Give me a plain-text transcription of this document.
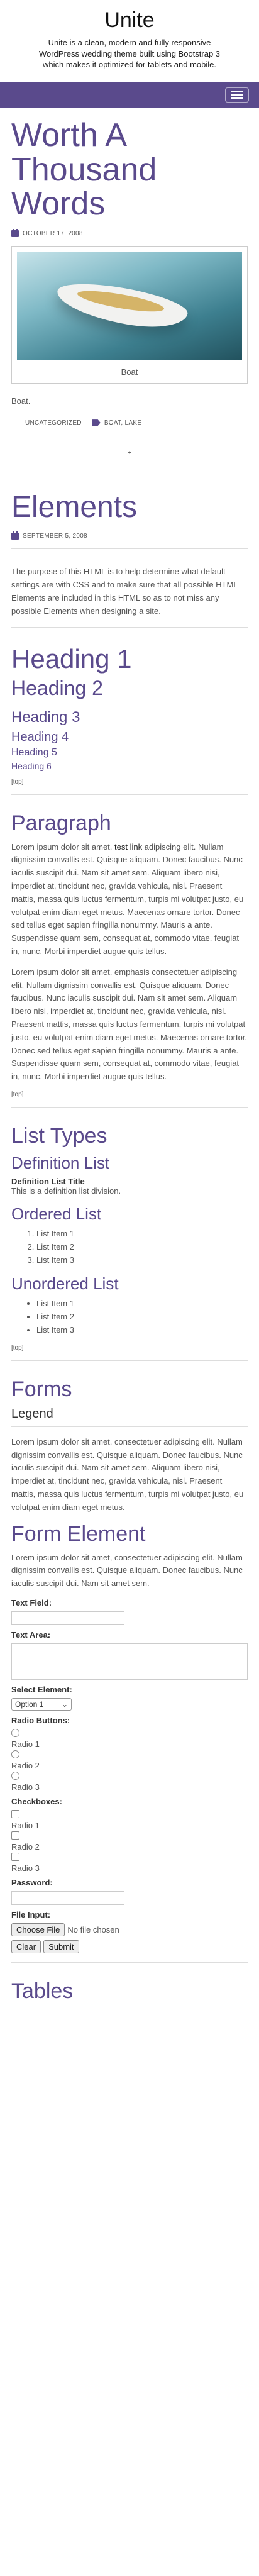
Unite

Unite is a clean, modern and fully responsive WordPress wedding theme built using Bootstrap 3 which makes it optimized for tablets and mobile.

Worth A Thousand Words
OCTOBER 17, 2008
Boat

Boat.

UNCATEGORIZED	BOAT, LAKE
◆
Elements
SEPTEMBER 5, 2008

The purpose of this HTML is to help determine what default settings are with CSS and to make sure that all possible HTML Elements are included in this HTML so as to not miss any possible Elements when designing a site.

Heading 1
Heading 2
Heading 3
Heading 4
Heading 5
Heading 6

[top]

Paragraph

Lorem ipsum dolor sit amet, test link adipiscing elit. Nullam dignissim convallis est. Quisque aliquam. Donec faucibus. Nunc iaculis suscipit dui. Nam sit amet sem. Aliquam libero nisi, imperdiet at, tincidunt nec, gravida vehicula, nisl. Praesent mattis, massa quis luctus fermentum, turpis mi volutpat justo, eu volutpat enim diam eget metus. Maecenas ornare tortor. Donec sed tellus eget sapien fringilla nonummy. Mauris a ante. Suspendisse quam sem, consequat at, commodo vitae, feugiat in, nunc. Morbi imperdiet augue quis tellus.

Lorem ipsum dolor sit amet, emphasis consectetuer adipiscing elit. Nullam dignissim convallis est. Quisque aliquam. Donec faucibus. Nunc iaculis suscipit dui. Nam sit amet sem. Aliquam libero nisi, imperdiet at, tincidunt nec, gravida vehicula, nisl. Praesent mattis, massa quis luctus fermentum, turpis mi volutpat justo, eu volutpat enim diam eget metus. Maecenas ornare tortor. Donec sed tellus eget sapien fringilla nonummy. Mauris a ante. Suspendisse quam sem, consequat at, commodo vitae, feugiat in, nunc. Morbi imperdiet augue quis tellus.

[top]

List Types
Definition List
Definition List Title
This is a definition list division.
Ordered List
1. List Item 1
2. List Item 2
3. List Item 3
Unordered List
• List Item 1
• List Item 2
• List Item 3

[top]

Forms
Legend

Lorem ipsum dolor sit amet, consectetuer adipiscing elit. Nullam dignissim convallis est. Quisque aliquam. Donec faucibus. Nunc iaculis suscipit dui. Nam sit amet sem. Aliquam libero nisi, imperdiet at, tincidunt nec, gravida vehicula, nisl. Praesent mattis, massa quis luctus fermentum, turpis mi volutpat justo, eu volutpat enim diam eget metus.

Form Element

Lorem ipsum dolor sit amet, consectetuer adipiscing elit. Nullam dignissim convallis est. Quisque aliquam. Donec faucibus. Nunc iaculis suscipit dui. Nam sit amet sem.

Text Field:
Text Area:
Select Element:
Option 1 ⌄
Radio Buttons:

Radio 1

Radio 2

Radio 3

Checkboxes:

Radio 1

Radio 2

Radio 3

Password:
File Input:
Choose File No file chosen
Clear	Submit
Tables
